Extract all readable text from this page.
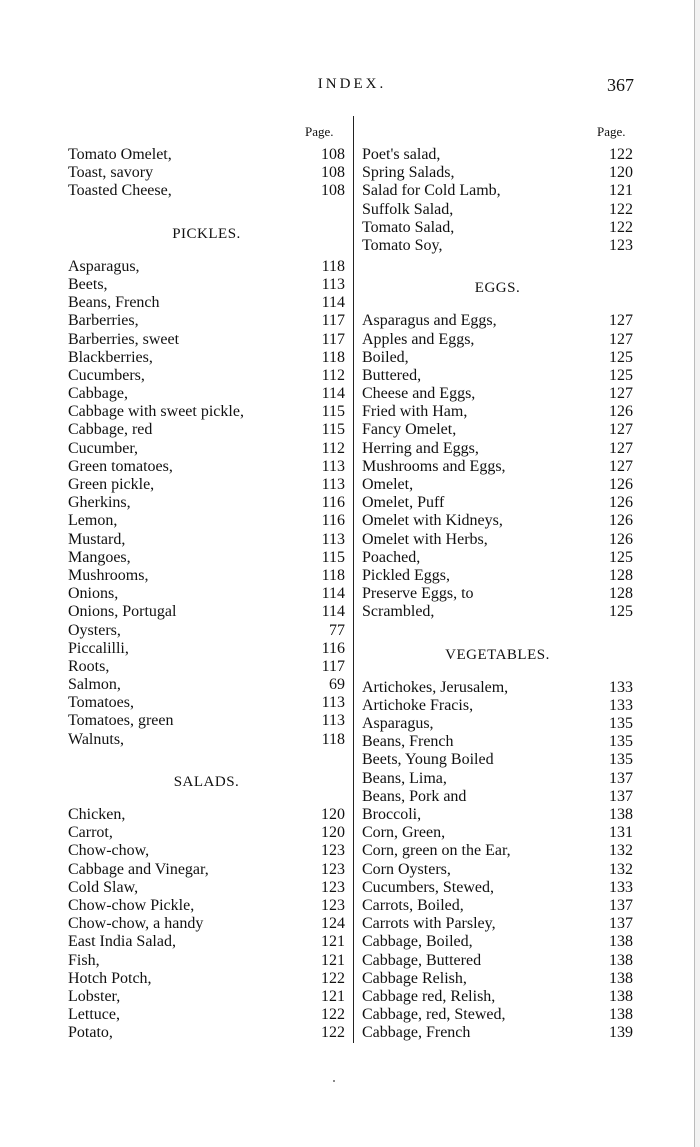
INDEX.	367
Page.	Page.
Tomato Omelet,	108
Toast, savory	108
Toasted Cheese,	108
PICKLES.
Asparagus,	118
Beets,	113
Beans, French	114
Barberries,	117
Barberries, sweet	117
Blackberries,	118
Cucumbers,	112
Cabbage,	114
Cabbage with sweet pickle,	115
Cabbage, red	115
Cucumber,	112
Green tomatoes,	113
Green pickle,	113
Gherkins,	116
Lemon,	116
Mustard,	113
Mangoes,	115
Mushrooms,	118
Onions,	114
Onions, Portugal	114
Oysters,	77
Piccalilli,	116
Roots,	117
Salmon,	69
Tomatoes,	113
Tomatoes, green	113
Walnuts,	118
SALADS.
Chicken,	120
Carrot,	120
Chow-chow,	123
Cabbage and Vinegar,	123
Cold Slaw,	123
Chow-chow Pickle,	123
Chow-chow, a handy	124
East India Salad,	121
Fish,	121
Hotch Potch,	122
Lobster,	121
Lettuce,	122
Potato,	122
Poet's salad,	122
Spring Salads,	120
Salad for Cold Lamb,	121
Suffolk Salad,	122
Tomato Salad,	122
Tomato Soy,	123
EGGS.
Asparagus and Eggs,	127
Apples and Eggs,	127
Boiled,	125
Buttered,	125
Cheese and Eggs,	127
Fried with Ham,	126
Fancy Omelet,	127
Herring and Eggs,	127
Mushrooms and Eggs,	127
Omelet,	126
Omelet, Puff	126
Omelet with Kidneys,	126
Omelet with Herbs,	126
Poached,	125
Pickled Eggs,	128
Preserve Eggs, to	128
Scrambled,	125
VEGETABLES.
Artichokes, Jerusalem,	133
Artichoke Fracis,	133
Asparagus,	135
Beans, French	135
Beets, Young Boiled	135
Beans, Lima,	137
Beans, Pork and	137
Broccoli,	138
Corn, Green,	131
Corn, green on the Ear,	132
Corn Oysters,	132
Cucumbers, Stewed,	133
Carrots, Boiled,	137
Carrots with Parsley,	137
Cabbage, Boiled,	138
Cabbage, Buttered	138
Cabbage Relish,	138
Cabbage red, Relish,	138
Cabbage, red, Stewed,	138
Cabbage, French	139
